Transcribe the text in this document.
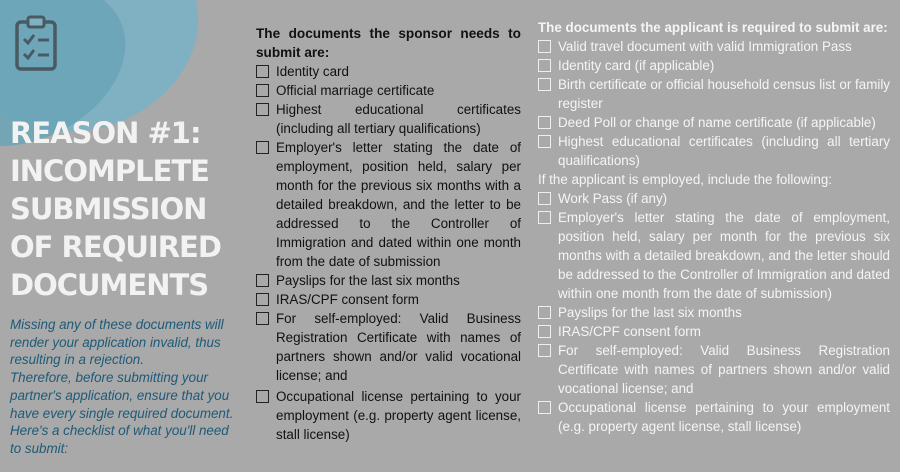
REASON #1:
INCOMPLETE
SUBMISSION
OF REQUIRED
DOCUMENTS

Missing any of these documents will render your application invalid, thus resulting in a rejection.

Therefore, before submitting your partner's application, ensure that you have every single required document. Here's a checklist of what you'll need to submit:

The documents the sponsor needs to submit are:
Identity card
Official marriage certificate
Highest educational certificates (including all tertiary qualifications)
Employer's letter stating the date of employment, position held, salary per month for the previous six months with a detailed breakdown, and the letter to be addressed to the Controller of Immigration and dated within one month from the date of submission
Payslips for the last six months
IRAS/CPF consent form
For self-employed: Valid Business Registration Certificate with names of partners shown and/or valid vocational license; and
Occupational license pertaining to your employment (e.g. property agent license, stall license)
The documents the applicant is required to submit are:
Valid travel document with valid Immigration Pass
Identity card (if applicable)
Birth certificate or official household census list or family register
Deed Poll or change of name certificate (if applicable)
Highest educational certificates (including all tertiary qualifications)
If the applicant is employed, include the following:
Work Pass (if any)
Employer's letter stating the date of employment, position held, salary per month for the previous six months with a detailed breakdown, and the letter should be addressed to the Controller of Immigration and dated within one month from the date of submission)
Payslips for the last six months
IRAS/CPF consent form
For self-employed: Valid Business Registration Certificate with names of partners shown and/or valid vocational license; and
Occupational license pertaining to your employment (e.g. property agent license, stall license)
